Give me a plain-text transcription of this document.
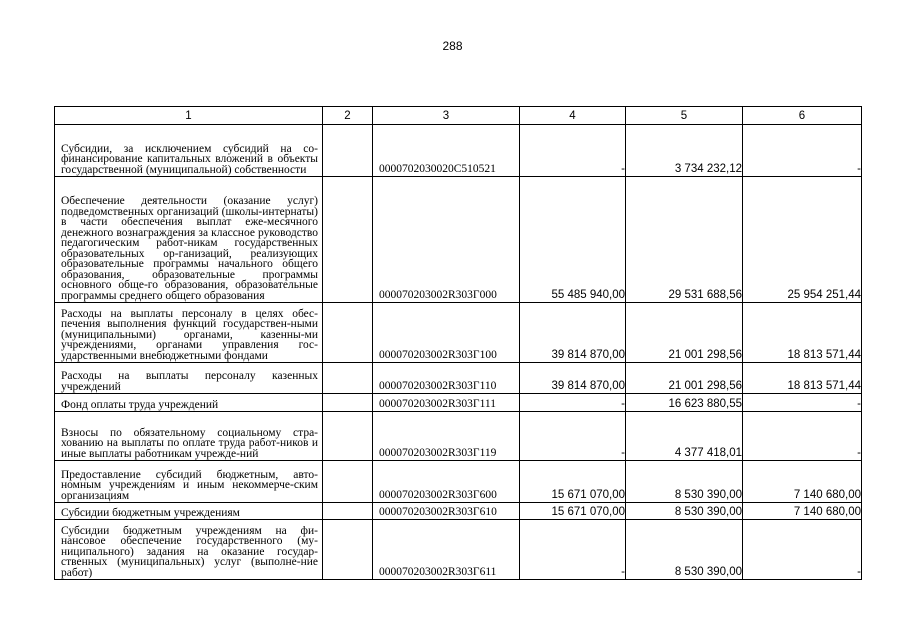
288
1	2	3	4	5	6
Субсидии, за исключением субсидий на со-финансирование капитальных вложений в объекты государственной (муниципальной) собственности		0000702030020С510521	-	3 734 232,12	-
Обеспечение деятельности (оказание услуг) подведомственных организаций (школы-интернаты) в части обеспечения выплат еже-месячного денежного вознаграждения за классное руководство педагогическим работ-никам государственных образовательных ор-ганизаций, реализующих образовательные программы начального общего образования, образовательные программы основного обще-го образования, образовательные программы среднего общего образования		000070203002R303Г000	55 485 940,00	29 531 688,56	25 954 251,44
Расходы на выплаты персоналу в целях обес-печения выполнения функций государствен-ными (муниципальными) органами, казенны-ми учреждениями, органами управления гос-ударственными внебюджетными фондами		000070203002R303Г100	39 814 870,00	21 001 298,56	18 813 571,44
Расходы на выплаты персоналу казенных учреждений		000070203002R303Г110	39 814 870,00	21 001 298,56	18 813 571,44
Фонд оплаты труда учреждений		000070203002R303Г111	-	16 623 880,55	-
Взносы по обязательному социальному стра-хованию на выплаты по оплате труда работ-ников и иные выплаты работникам учрежде-ний		000070203002R303Г119	-	4 377 418,01	-
Предоставление субсидий бюджетным, авто-номным учреждениям и иным некоммерче-ским организациям		000070203002R303Г600	15 671 070,00	8 530 390,00	7 140 680,00
Субсидии бюджетным учреждениям		000070203002R303Г610	15 671 070,00	8 530 390,00	7 140 680,00
Субсидии бюджетным учреждениям на фи-нансовое обеспечение государственного (му-ниципального) задания на оказание государ-ственных (муниципальных) услуг (выполне-ние работ)		000070203002R303Г611	-	8 530 390,00	-
